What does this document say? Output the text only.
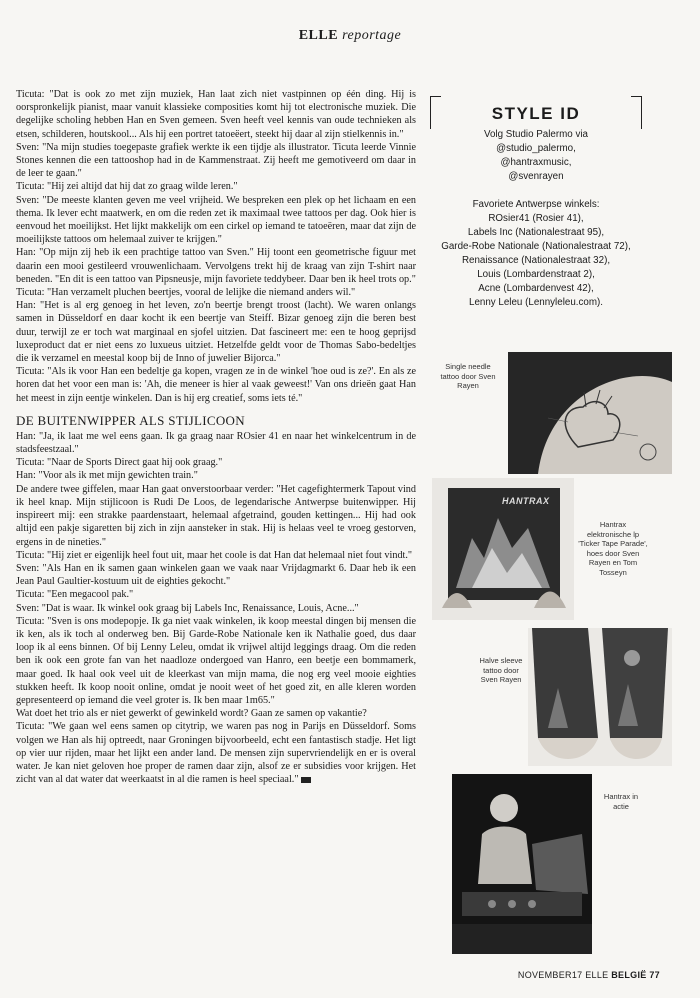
ELLE reportage

Ticuta: "Dat is ook zo met zijn muziek, Han laat zich niet vastpinnen op één ding. Hij is oorspronkelijk pianist, maar vanuit klassieke composities komt hij tot electronische muziek. Die degelijke scholing hebben Han en Sven gemeen. Sven heeft veel kennis van oude technieken als etsen, schilderen, houtskool... Als hij een portret tatoeëert, steekt hij daar al zijn stielkennis in."

Sven: "Na mijn studies toegepaste grafiek werkte ik een tijdje als illustrator. Ticuta leerde Vinnie Stones kennen die een tattooshop had in de Kammenstraat. Zij heeft me gemotiveerd om daar in de leer te gaan."

Ticuta: "Hij zei altijd dat hij dat zo graag wilde leren."

Sven: "De meeste klanten geven me veel vrijheid. We bespreken een plek op het lichaam en een thema. Ik lever echt maatwerk, en om die reden zet ik maximaal twee tattoos per dag. Ook hier is eenvoud het moeilijkst. Het lijkt makkelijk om een cirkel op iemand te tatoeëren, maar dat zijn de moeilijkste tattoos om helemaal zuiver te krijgen."

Han: "Op mijn zij heb ik een prachtige tattoo van Sven." Hij toont een geometrische figuur met daarin een mooi gestileerd vrouwenlichaam. Vervolgens trekt hij de kraag van zijn T-shirt naar beneden. "En dit is een tattoo van Pipsneusje, mijn favoriete teddybeer. Daar ben ik heel trots op."

Ticuta: "Han verzamelt pluchen beertjes, vooral de lelijke die niemand anders wil."

Han: "Het is al erg genoeg in het leven, zo'n beertje brengt troost (lacht). We waren onlangs samen in Düsseldorf en daar kocht ik een beertje van Steiff. Bizar genoeg zijn die beren best duur, terwijl ze er toch wat marginaal en sjofel uitzien. Dat fascineert me: een te hoog geprijsd luxeproduct dat er niet eens zo luxueus uitziet. Hetzelfde geldt voor de Thomas Sabo-bedeltjes die ik verzamel en meestal koop bij de Inno of juwelier Bijorca."

Ticuta: "Als ik voor Han een bedeltje ga kopen, vragen ze in de winkel 'hoe oud is ze?'. En als ze horen dat het voor een man is: 'Ah, die meneer is hier al vaak geweest!' Van ons drieën gaat Han het meest in zijn eentje winkelen. Dan is hij erg creatief, soms iets té."

DE BUITENWIPPER ALS STIJLICOON

Han: "Ja, ik laat me wel eens gaan. Ik ga graag naar ROsier 41 en naar het winkelcentrum in de stadsfeestzaal."

Ticuta: "Naar de Sports Direct gaat hij ook graag."

Han: "Voor als ik met mijn gewichten train."

De andere twee giffelen, maar Han gaat onverstoorbaar verder: "Het cagefightermerk Tapout vind ik heel knap. Mijn stijlicoon is Rudi De Loos, de legendarische Antwerpse buitenwipper. Hij inspireert mij: een strakke paardenstaart, helemaal afgetraind, gouden kettingen... Hij had ook altijd een pakje sigaretten bij zich in zijn aansteker in stak. Hij is helaas veel te vroeg gestorven, ergens in de nineties."

Ticuta: "Hij ziet er eigenlijk heel fout uit, maar het coole is dat Han dat helemaal niet fout vindt."

Sven: "Als Han en ik samen gaan winkelen gaan we vaak naar Vrijdagmarkt 6. Daar heb ik een Jean Paul Gaultier-kostuum uit de eighties gekocht."

Ticuta: "Een megacool pak."

Sven: "Dat is waar. Ik winkel ook graag bij Labels Inc, Renaissance, Louis, Acne..."

Ticuta: "Sven is ons modepopje. Ik ga niet vaak winkelen, ik koop meestal dingen bij mensen die ik ken, als ik toch al onderweg ben. Bij Garde-Robe Nationale ken ik Nathalie goed, dus daar loop ik al eens binnen. Of bij Lenny Leleu, omdat ik vrijwel altijd leggings draag. Om die reden ben ik ook een grote fan van het naadloze ondergoed van Hanro, een beetje een bommamerk, maar goed. Ik haal ook veel uit de kleerkast van mijn mama, die nog erg veel mooie eighties stukken heeft. Ik koop nooit online, omdat je nooit weet of het goed zit, en alle kleren worden gepresenteerd op iemand die veel groter is. Ik ben maar 1m65."

Wat doet het trio als er niet gewerkt of gewinkeld wordt? Gaan ze samen op vakantie?

Ticuta: "We gaan wel eens samen op citytrip, we waren pas nog in Parijs en Düsseldorf. Soms volgen we Han als hij optreedt, naar Groningen bijvoorbeeld, echt een fantastisch stadje. Het ligt op vier uur rijden, maar het lijkt een ander land. De mensen zijn supervriendelijk en er is overal water. Je kan niet geloven hoe proper de ramen daar zijn, alsof ze er subsidies voor krijgen. Het zicht van al dat water dat weerkaatst in al die ramen is heel speciaal."

STYLE ID
Volg Studio Palermo via
@studio_palermo,
@hantraxmusic,
@svenrayen
Favoriete Antwerpse winkels:
ROsier41 (Rosier 41),
Labels Inc (Nationalestraat 95),
Garde-Robe Nationale (Nationalestraat 72),
Renaissance (Nationalestraat 32),
Louis (Lombardenstraat 2),
Acne (Lombardenvest 42),
Lenny Leleu (Lennyleleu.com).
Single needle tattoo door Sven Rayen
HANTRAX
Hantrax elektronische lp 'Ticker Tape Parade', hoes door Sven Rayen en Tom Tosseyn
Halve sleeve tattoo door Sven Rayen
Hantrax in actie
NOVEMBER17 ELLE BELGIË 77
